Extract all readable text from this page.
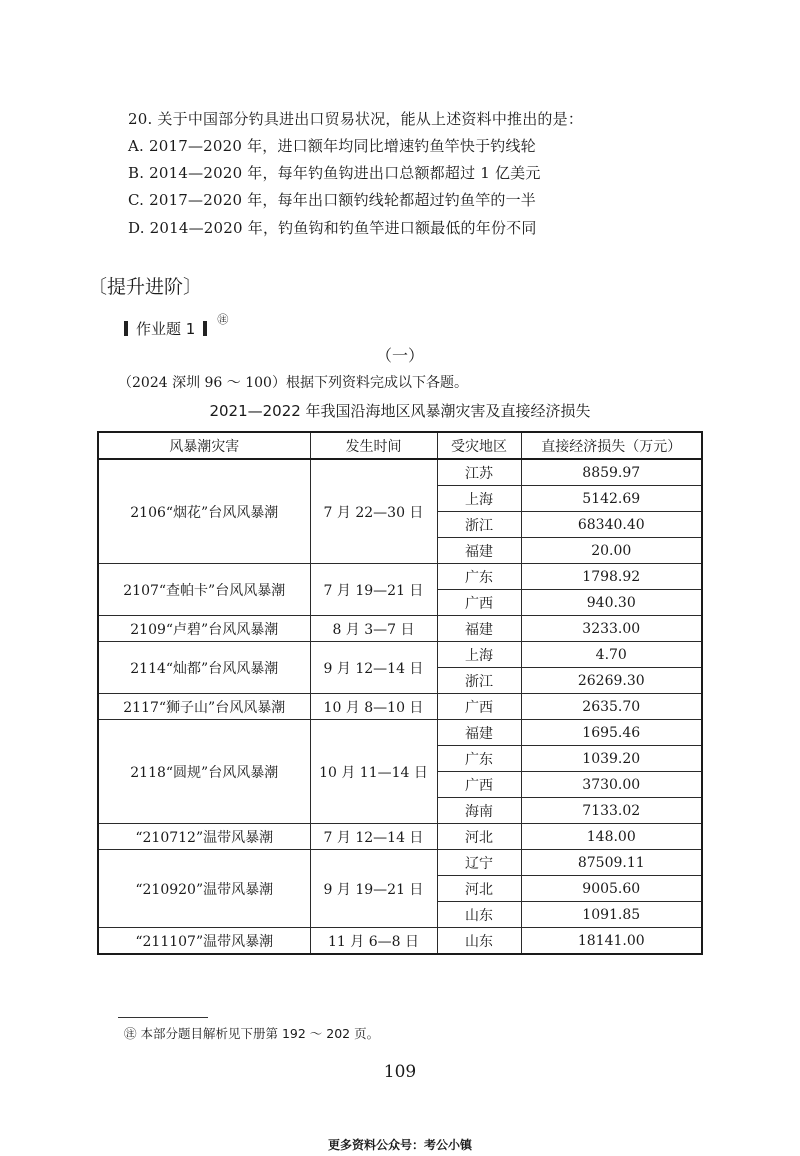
20. 关于中国部分钓具进出口贸易状况，能从上述资料中推出的是：
A. 2017—2020 年，进口额年均同比增速钓鱼竿快于钓线轮
B. 2014—2020 年，每年钓鱼钩进出口总额都超过 1 亿美元
C. 2017—2020 年，每年出口额钓线轮都超过钓鱼竿的一半
D. 2014—2020 年，钓鱼钩和钓鱼竿进口额最低的年份不同
〔提升进阶〕
作业题 1
㊟
（一）
（2024 深圳 96 ～ 100）根据下列资料完成以下各题。
2021—2022 年我国沿海地区风暴潮灾害及直接经济损失
风暴潮灾害	发生时间	受灾地区	直接经济损失（万元）
2106“烟花”台风风暴潮	7 月 22—30 日	江苏	8859.97
		上海	5142.69
		浙江	68340.40
		福建	20.00
2107“查帕卡”台风风暴潮	7 月 19—21 日	广东	1798.92
		广西	940.30
2109“卢碧”台风风暴潮	8 月 3—7 日	福建	3233.00
2114“灿都”台风风暴潮	9 月 12—14 日	上海	4.70
		浙江	26269.30
2117“狮子山”台风风暴潮	10 月 8—10 日	广西	2635.70
2118“圆规”台风风暴潮	10 月 11—14 日	福建	1695.46
		广东	1039.20
		广西	3730.00
		海南	7133.02
“210712”温带风暴潮	7 月 12—14 日	河北	148.00
“210920”温带风暴潮	9 月 19—21 日	辽宁	87509.11
		河北	9005.60
		山东	1091.85
“211107”温带风暴潮	11 月 6—8 日	山东	18141.00
㊟ 本部分题目解析见下册第 192 ～ 202 页。
109
更多资料公众号：考公小镇
